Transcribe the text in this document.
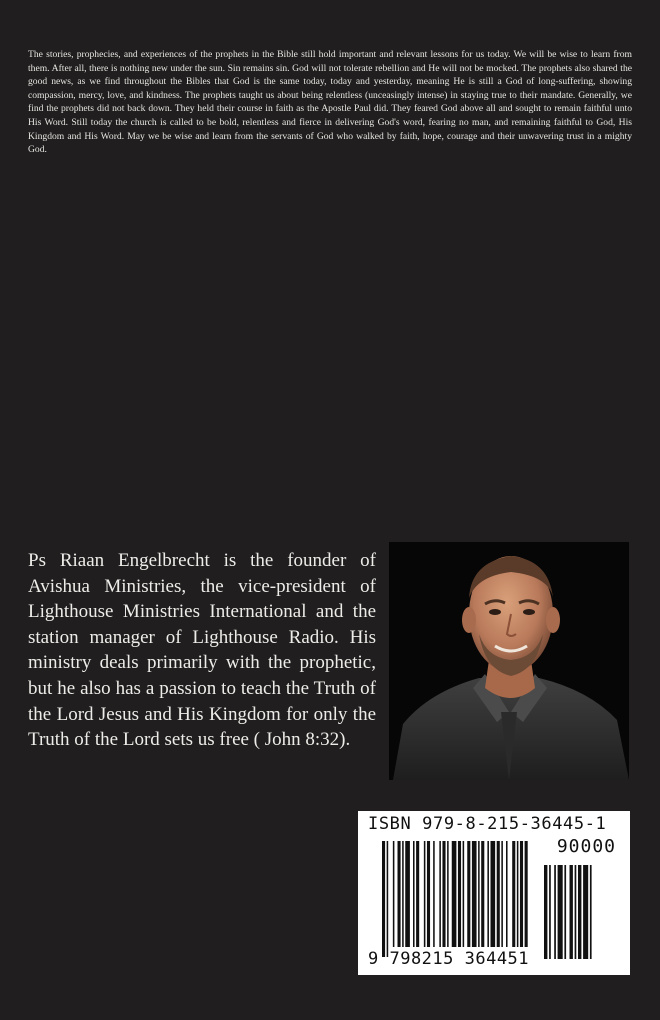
The stories, prophecies, and experiences of the prophets in the Bible still hold important and relevant lessons for us today. We will be wise to learn from them. After all, there is nothing new under the sun. Sin remains sin. God will not tolerate rebellion and He will not be mocked. The prophets also shared the good news, as we find throughout the Bibles that God is the same today, today and yesterday, meaning He is still a God of long-suffering, showing compassion, mercy, love, and kindness. The prophets taught us about being relentless (unceasingly intense) in staying true to their mandate. Generally, we find the prophets did not back down. They held their course in faith as the Apostle Paul did. They feared God above all and sought to remain faithful unto His Word. Still today the church is called to be bold, relentless and fierce in delivering God's word, fearing no man, and remaining faithful to God, His Kingdom and His Word. May we be wise and learn from the servants of God who walked by faith, hope, courage and their unwavering trust in a mighty God.

Ps Riaan Engelbrecht is the founder of Avishua Ministries, the vice-president of Lighthouse Ministries International and the station manager of Lighthouse Radio. His ministry deals primarily with the prophetic, but he also has a passion to teach the Truth of the Lord Jesus and His Kingdom for only the Truth of the Lord sets us free ( John 8:32).

ISBN 979-8-215-36445-1
90000
9 798215 364451
